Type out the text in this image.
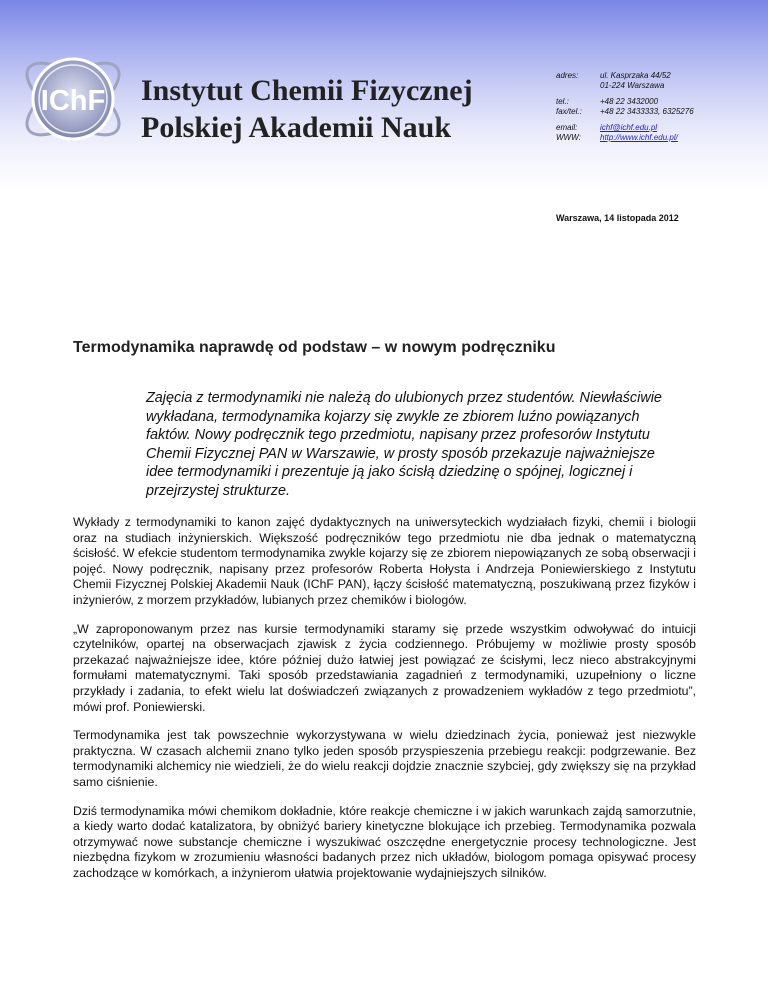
IChF Instytut Chemii Fizycznej
Polskiej Akademii Nauk
adres:	ul. Kasprzaka 44/52
01-224 Warszawa
tel.:	+48 22 3432000
fax/tel.:	+48 22 3433333, 6325276
email:	ichf@ichf.edu.pl
WWW:	http://www.ichf.edu.pl/
Warszawa, 14 listopada 2012
Termodynamika naprawdę od podstaw – w nowym podręczniku
Zajęcia z termodynamiki nie należą do ulubionych przez studentów. Niewłaściwie wykładana, termodynamika kojarzy się zwykle ze zbiorem luźno powiązanych faktów. Nowy podręcznik tego przedmiotu, napisany przez profesorów Instytutu Chemii Fizycznej PAN w Warszawie, w prosty sposób przekazuje najważniejsze idee termodynamiki i prezentuje ją jako ścisłą dziedzinę o spójnej, logicznej i przejrzystej strukturze.

Wykłady z termodynamiki to kanon zajęć dydaktycznych na uniwersyteckich wydziałach fizyki, chemii i biologii oraz na studiach inżynierskich. Większość podręczników tego przedmiotu nie dba jednak o matematyczną ścisłość. W efekcie studentom termodynamika zwykle kojarzy się ze zbiorem niepowiązanych ze sobą obserwacji i pojęć. Nowy podręcznik, napisany przez profesorów Roberta Hołysta i Andrzeja Poniewierskiego z Instytutu Chemii Fizycznej Polskiej Akademii Nauk (IChF PAN), łączy ścisłość matematyczną, poszukiwaną przez fizyków i inżynierów, z morzem przykładów, lubianych przez chemików i biologów.

„W zaproponowanym przez nas kursie termodynamiki staramy się przede wszystkim odwoływać do intuicji czytelników, opartej na obserwacjach zjawisk z życia codziennego. Próbujemy w możliwie prosty sposób przekazać najważniejsze idee, które później dużo łatwiej jest powiązać ze ścisłymi, lecz nieco abstrakcyjnymi formułami matematycznymi. Taki sposób przedstawiania zagadnień z termodynamiki, uzupełniony o liczne przykłady i zadania, to efekt wielu lat doświadczeń związanych z prowadzeniem wykładów z tego przedmiotu”, mówi prof. Poniewierski.

Termodynamika jest tak powszechnie wykorzystywana w wielu dziedzinach życia, ponieważ jest niezwykle praktyczna. W czasach alchemii znano tylko jeden sposób przyspieszenia przebiegu reakcji: podgrzewanie. Bez termodynamiki alchemicy nie wiedzieli, że do wielu reakcji dojdzie znacznie szybciej, gdy zwiększy się na przykład samo ciśnienie.

Dziś termodynamika mówi chemikom dokładnie, które reakcje chemiczne i w jakich warunkach zajdą samorzutnie, a kiedy warto dodać katalizatora, by obniżyć bariery kinetyczne blokujące ich przebieg. Termodynamika pozwala otrzymywać nowe substancje chemiczne i wyszukiwać oszczędne energetycznie procesy technologiczne. Jest niezbędna fizykom w zrozumieniu własności badanych przez nich układów, biologom pomaga opisywać procesy zachodzące w komórkach, a inżynierom ułatwia projektowanie wydajniejszych silników.
